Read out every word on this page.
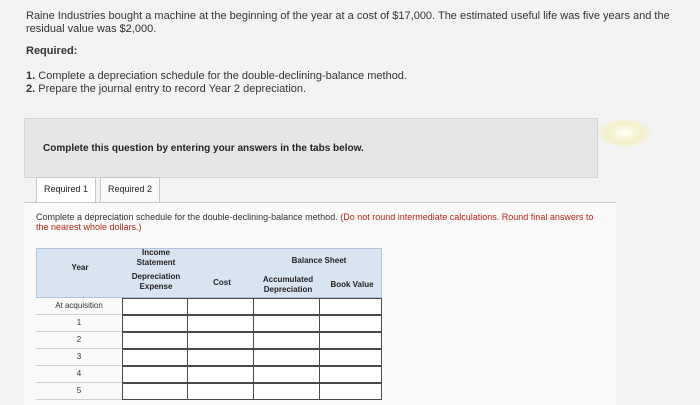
Raine Industries bought a machine at the beginning of the year at a cost of $17,000. The estimated useful life was five years and the residual value was $2,000.
Required:
1. Complete a depreciation schedule for the double-declining-balance method.
2. Prepare the journal entry to record Year 2 depreciation.
Complete this question by entering your answers in the tabs below.
Required 1	Required 2
Complete a depreciation schedule for the double-declining-balance method. (Do not round intermediate calculations. Round final answers to the nearest whole dollars.)
Year
Income Statement
Depreciation Expense	Cost
Balance Sheet
Accumulated Depreciation
Book Value
At acquisition
1
2
3
4
5
